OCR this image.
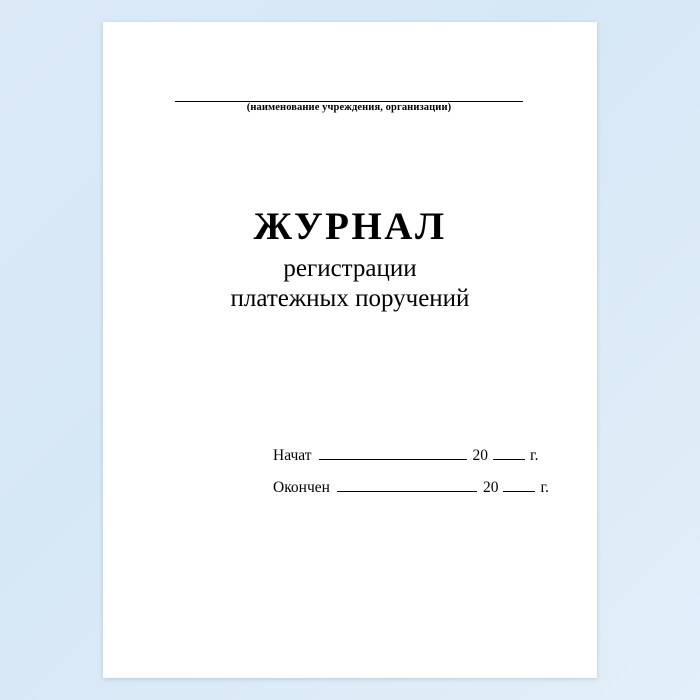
(наименование учреждения, организации)
ЖУРНАЛ
регистрации
платежных поручений
Начат	20	г.
Окончен	20	г.
